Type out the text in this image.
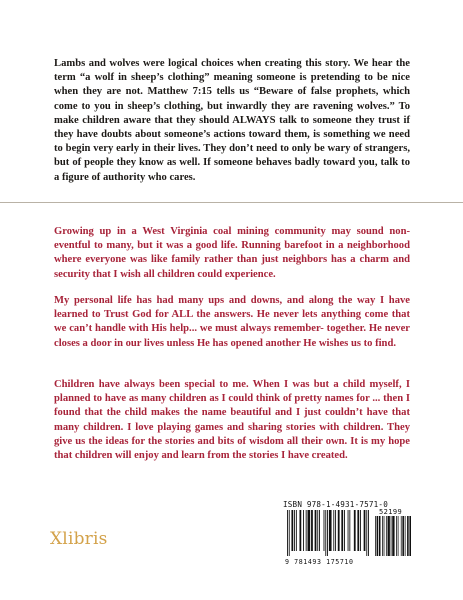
Lambs and wolves were logical choices when creating this story. We hear the term “a wolf in sheep’s clothing” meaning someone is pretending to be nice when they are not. Matthew 7:15 tells us “Beware of false prophets, which come to you in sheep’s clothing, but inwardly they are ravening wolves.” To make children aware that they should ALWAYS talk to someone they trust if they have doubts about someone’s actions toward them, is something we need to begin very early in their lives. They don’t need to only be wary of strangers, but of people they know as well. If someone behaves badly toward you, talk to a figure of authority who cares.

Growing up in a West Virginia coal mining community may sound non-eventful to many, but it was a good life. Running barefoot in a neighborhood where everyone was like family rather than just neighbors has a charm and security that I wish all children could experience.

My personal life has had many ups and downs, and along the way I have learned to Trust God for ALL the answers. He never lets anything come that we can’t handle with His help... we must always remember- together. He never closes a door in our lives unless He has opened another He wishes us to find.

Children have always been special to me. When I was but a child myself, I planned to have as many children as I could think of pretty names for ... then I found that the child makes the name beautiful and I just couldn’t have that many children. I love playing games and sharing stories with children. They give us the ideas for the stories and bits of wisdom all their own. It is my hope that children will enjoy and learn from the stories I have created.

Xlibris
ISBN 978-1-4931-7571-0
52199
9 781493 175710
